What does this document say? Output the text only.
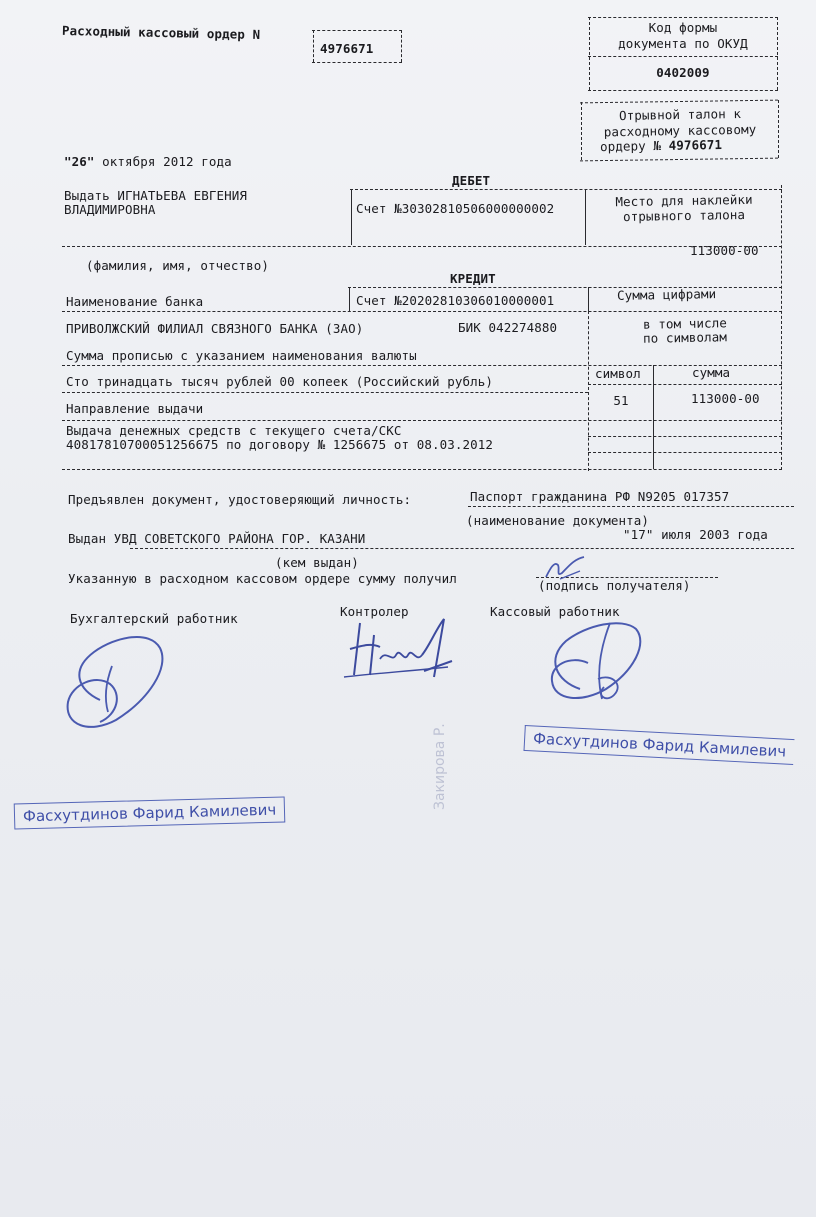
Расходный кассовый ордер N
4976671
Код формы
документа по ОКУД
0402009
Отрывной талон к
расходному кассовому
ордеру № 4976671
"26" октября 2012 года
ДЕБЕТ
Выдать ИГНАТЬЕВА ЕВГЕНИЯ
ВЛАДИМИРОВНА	Счет №30302810506000000002	Место для наклейки
отрывного талона
(фамилия, имя, отчество)
113000-00
КРЕДИТ
Наименование банка	Счет №20202810306010000001	Сумма цифрами
ПРИВОЛЖСКИЙ ФИЛИАЛ СВЯЗНОГО БАНКА (ЗАО)	БИК 042274880	в том числе
по символам
Сумма прописью с указанием наименования валюты
Сто тринадцать тысяч рублей 00 копеек (Российский рубль)
символ	сумма
51	113000-00
Направление выдачи
Выдача денежных средств с текущего счета/СКС
40817810700051256675 по договору № 1256675 от 08.03.2012
Предъявлен документ, удостоверяющий личность:	Паспорт гражданина РФ N9205 017357
(наименование документа)
Выдан УВД СОВЕТСКОГО РАЙОНА ГОР. КАЗАНИ	"17" июля 2003 года
(кем выдан)
Указанную в расходном кассовом ордере сумму получил	(подпись получателя)
Бухгалтерский работник	Контролер	Кассовый работник
Фасхутдинов Фарид Камилевич
Фасхутдинов Фарид Камилевич
Закирова Р.
